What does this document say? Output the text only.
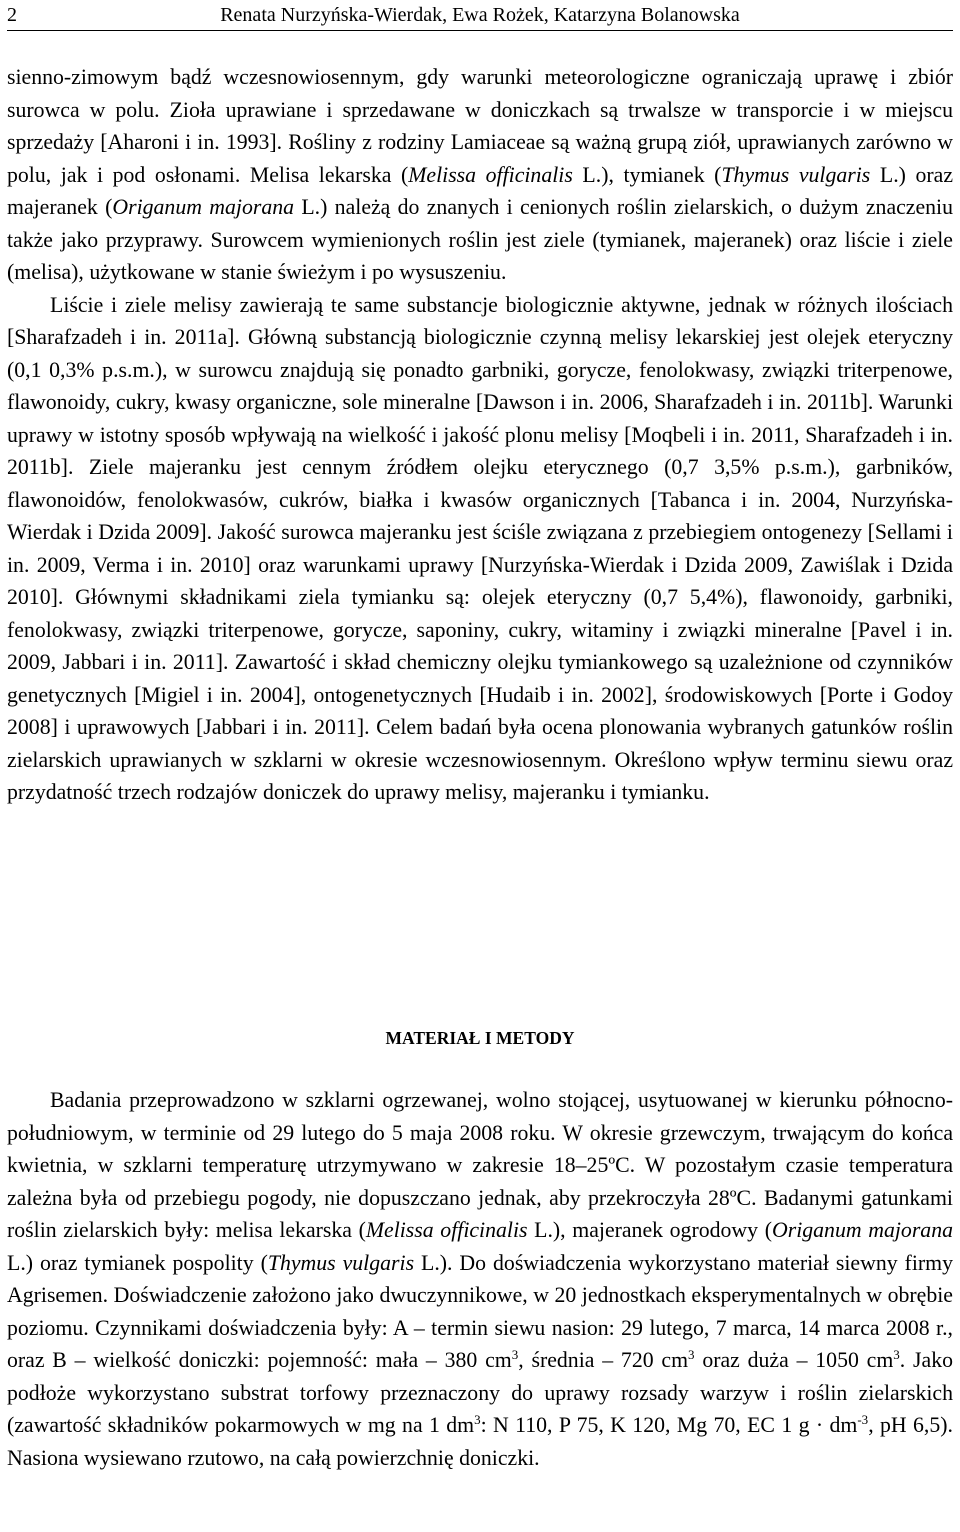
2	Renata Nurzyńska-Wierdak, Ewa Rożek, Katarzyna Bolanowska

sienno-zimowym bądź wczesnowiosennym, gdy warunki meteorologiczne ograniczają uprawę i zbiór surowca w polu. Zioła uprawiane i sprzedawane w doniczkach są trwalsze w transporcie i w miejscu sprzedaży [Aharoni i in. 1993]. Rośliny z rodziny Lamiaceae są ważną grupą ziół, uprawianych zarówno w polu, jak i pod osłonami. Melisa lekarska (Melissa officinalis L.), tymianek (Thymus vulgaris L.) oraz majeranek (Origanum majorana L.) należą do znanych i cenionych roślin zielarskich, o dużym znaczeniu także jako przyprawy. Surowcem wymienionych roślin jest ziele (tymianek, majeranek) oraz liście i ziele (melisa), użytkowane w stanie świeżym i po wysuszeniu.

Liście i ziele melisy zawierają te same substancje biologicznie aktywne, jednak w różnych ilościach [Sharafzadeh i in. 2011a]. Główną substancją biologicznie czynną melisy lekarskiej jest olejek eteryczny (0,1 0,3% p.s.m.), w surowcu znajdują się ponadto garbniki, gorycze, fenolokwasy, związki triterpenowe, flawonoidy, cukry, kwasy organiczne, sole mineralne [Dawson i in. 2006, Sharafzadeh i in. 2011b]. Warunki uprawy w istotny sposób wpływają na wielkość i jakość plonu melisy [Moqbeli i in. 2011, Sharafzadeh i in. 2011b]. Ziele majeranku jest cennym źródłem olejku eterycznego (0,7 3,5% p.s.m.), garbników, flawonoidów, fenolokwasów, cukrów, białka i kwasów organicznych [Tabanca i in. 2004, Nurzyńska-Wierdak i Dzida 2009]. Jakość surowca majeranku jest ściśle związana z przebiegiem ontogenezy [Sellami i in. 2009, Verma i in. 2010] oraz warunkami uprawy [Nurzyńska-Wierdak i Dzida 2009, Zawiślak i Dzida 2010]. Głównymi składnikami ziela tymianku są: olejek eteryczny (0,7 5,4%), flawonoidy, garbniki, fenolokwasy, związki triterpenowe, gorycze, saponiny, cukry, witaminy i związki mineralne [Pavel i in. 2009, Jabbari i in. 2011]. Zawartość i skład chemiczny olejku tymiankowego są uzależnione od czynników genetycznych [Migiel i in. 2004], ontogenetycznych [Hudaib i in. 2002], środowiskowych [Porte i Godoy 2008] i uprawowych [Jabbari i in. 2011]. Celem badań była ocena plonowania wybranych gatunków roślin zielarskich uprawianych w szklarni w okresie wczesnowiosennym. Określono wpływ terminu siewu oraz przydatność trzech rodzajów doniczek do uprawy melisy, majeranku i tymianku.

MATERIAŁ I METODY

Badania przeprowadzono w szklarni ogrzewanej, wolno stojącej, usytuowanej w kierunku północno-południowym, w terminie od 29 lutego do 5 maja 2008 roku. W okresie grzewczym, trwającym do końca kwietnia, w szklarni temperaturę utrzymywano w zakresie 18–25ºC. W pozostałym czasie temperatura zależna była od przebiegu pogody, nie dopuszczano jednak, aby przekroczyła 28ºC. Badanymi gatunkami roślin zielarskich były: melisa lekarska (Melissa officinalis L.), majeranek ogrodowy (Origanum majorana L.) oraz tymianek pospolity (Thymus vulgaris L.). Do doświadczenia wykorzystano materiał siewny firmy Agrisemen. Doświadczenie założono jako dwuczynnikowe, w 20 jednostkach eksperymentalnych w obrębie poziomu. Czynnikami doświadczenia były: A – termin siewu nasion: 29 lutego, 7 marca, 14 marca 2008 r., oraz B – wielkość doniczki: pojemność: mała – 380 $cm^3$, średnia – 720 $cm^3$ oraz duża – 1050 $cm^3$. Jako podłoże wykorzystano substrat torfowy przeznaczony do uprawy rozsady warzyw i roślin zielarskich (zawartość składników pokarmowych w mg na 1 $dm^3$: N 110, P 75, K 120, Mg 70, EC 1 $g \cdot dm^{-3}$, pH 6,5). Nasiona wysiewano rzutowo, na całą powierzchnię doniczki.
